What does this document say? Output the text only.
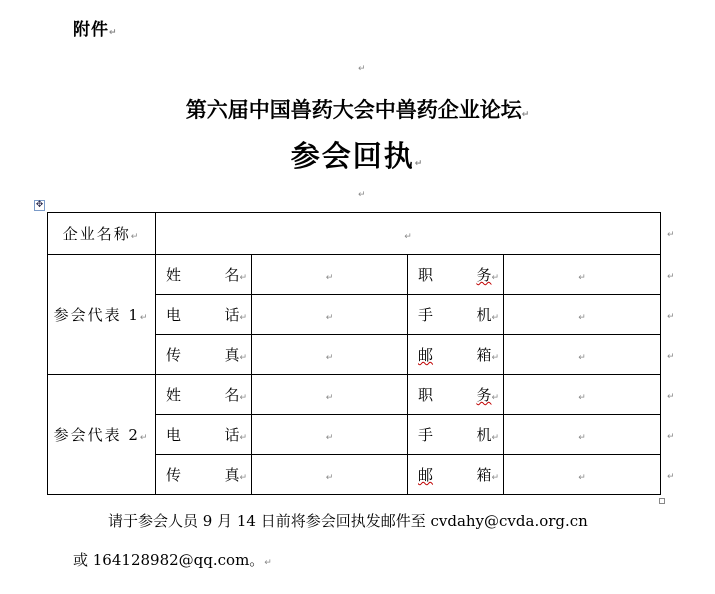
附件↵
↵
第六届中国兽药大会中兽药企业论坛↵
参会回执↵
↵
✥
企业名称↵	↵			
参会代表 1↵	姓 名↵	↵	职 务↵	↵

	电 话↵	↵	手 机↵	↵

	传 真↵	↵	邮 箱↵	↵
参会代表 2↵	姓 名↵	↵	职 务↵	↵

	电 话↵	↵	手 机↵	↵

	传 真↵	↵	邮 箱↵	↵
↵
↵
↵
↵
↵
↵
↵
请于参会人员 9 月 14 日前将参会回执发邮件至 cvdahy@cvda.org.cn
或 164128982@qq.com。↵
